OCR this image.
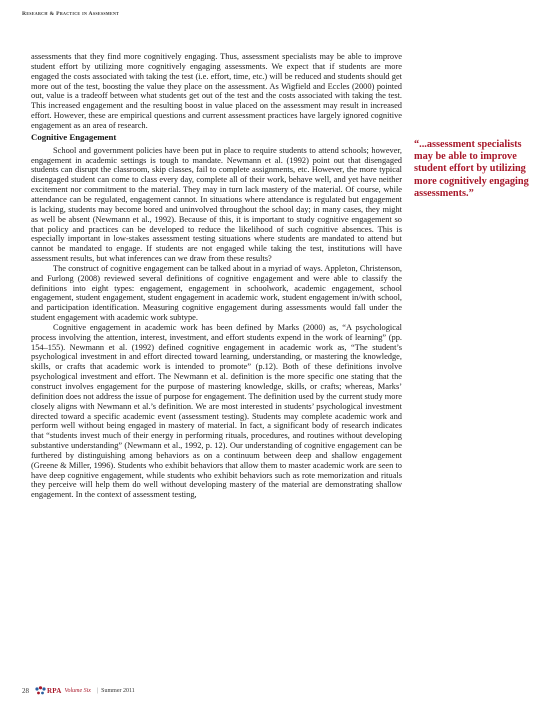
Research & Practice in Assessment

assessments that they find more cognitively engaging. Thus, assessment specialists may be able to improve student effort by utilizing more cognitively engaging assessments. We expect that if students are more engaged the costs associated with taking the test (i.e. effort, time, etc.) will be reduced and students should get more out of the test, boosting the value they place on the assessment. As Wigfield and Eccles (2000) pointed out, value is a tradeoff between what students get out of the test and the costs associated with taking the test. This increased engagement and the resulting boost in value placed on the assessment may result in increased effort. However, these are empirical questions and current assessment practices have largely ignored cognitive engagement as an area of research.

Cognitive Engagement

School and government policies have been put in place to require students to attend schools; however, engagement in academic settings is tough to mandate. Newmann et al. (1992) point out that disengaged students can disrupt the classroom, skip classes, fail to complete assignments, etc. However, the more typical disengaged student can come to class every day, complete all of their work, behave well, and yet have neither excitement nor commitment to the material. They may in turn lack mastery of the material. Of course, while attendance can be regulated, engagement cannot. In situations where attendance is regulated but engagement is lacking, students may become bored and uninvolved throughout the school day; in many cases, they might as well be absent (Newmann et al., 1992). Because of this, it is important to study cognitive engagement so that policy and practices can be developed to reduce the likelihood of such cognitive absences. This is especially important in low-stakes assessment testing situations where students are mandated to attend but cannot be mandated to engage. If students are not engaged while taking the test, institutions will have assessment results, but what inferences can we draw from these results?

The construct of cognitive engagement can be talked about in a myriad of ways. Appleton, Christenson, and Furlong (2008) reviewed several definitions of cognitive engagement and were able to classify the definitions into eight types: engagement, engagement in schoolwork, academic engagement, school engagement, student engagement, student engagement in academic work, student engagement in/with school, and participation identification. Measuring cognitive engagement during assessments would fall under the student engagement with academic work subtype.

Cognitive engagement in academic work has been defined by Marks (2000) as, “A psychological process involving the attention, interest, investment, and effort students expend in the work of learning” (pp. 154–155). Newmann et al. (1992) defined cognitive engagement in academic work as, “The student’s psychological investment in and effort directed toward learning, understanding, or mastering the knowledge, skills, or crafts that academic work is intended to promote” (p.12). Both of these definitions involve psychological investment and effort. The Newmann et al. definition is the more specific one stating that the construct involves engagement for the purpose of mastering knowledge, skills, or crafts; whereas, Marks’ definition does not address the issue of purpose for engagement. The definition used by the current study more closely aligns with Newmann et al.’s definition. We are most interested in students’ psychological investment directed toward a specific academic event (assessment testing). Students may complete academic work and perform well without being engaged in mastery of material. In fact, a significant body of research indicates that “students invest much of their energy in performing rituals, procedures, and routines without developing substantive understanding” (Newmann et al., 1992, p. 12). Our understanding of cognitive engagement can be furthered by distinguishing among behaviors as on a continuum between deep and shallow engagement (Greene & Miller, 1996). Students who exhibit behaviors that allow them to master academic work are seen to have deep cognitive engagement, while students who exhibit behaviors such as rote memorization and rituals they perceive will help them do well without developing mastery of the material are demonstrating shallow engagement. In the context of assessment testing,

“...assessment specialists may be able to improve student effort by utilizing more cognitively engaging assessments.”
28	RPA Volume Six | Summer 2011
